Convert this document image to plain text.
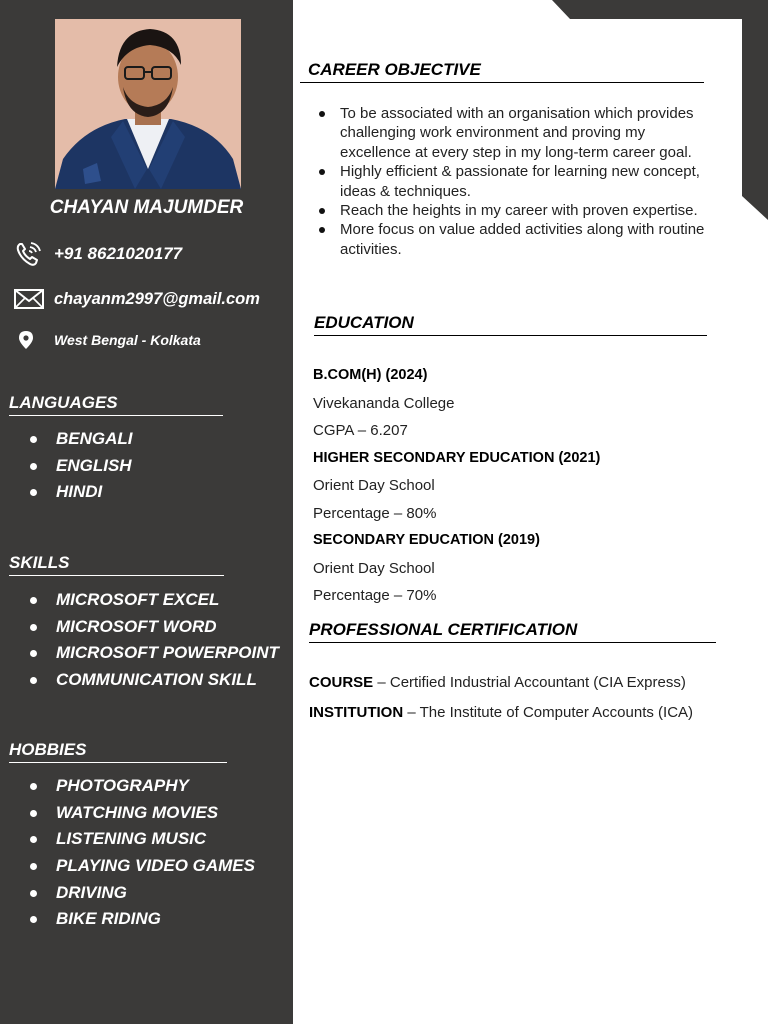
CHAYAN MAJUMDER
+91 8621020177
chayanm2997@gmail.com
West Bengal - Kolkata
LANGUAGES
BENGALI
ENGLISH
HINDI
SKILLS
MICROSOFT EXCEL
MICROSOFT WORD
MICROSOFT POWERPOINT
COMMUNICATION SKILL
HOBBIES
PHOTOGRAPHY
WATCHING MOVIES
LISTENING MUSIC
PLAYING VIDEO GAMES
DRIVING
BIKE RIDING
CAREER OBJECTIVE
To be associated with an organisation which provides challenging work environment and proving my excellence at every step in my long-term career goal.
Highly efficient & passionate for learning new concept, ideas & techniques.
Reach the heights in my career with proven expertise.
More focus on value added activities along with routine activities.
EDUCATION
B.COM(H) (2024)
Vivekananda College
CGPA – 6.207
HIGHER SECONDARY EDUCATION (2021)
Orient Day School
Percentage – 80%
SECONDARY EDUCATION (2019)
Orient Day School
Percentage – 70%
PROFESSIONAL CERTIFICATION
COURSE – Certified Industrial Accountant (CIA Express)
INSTITUTION – The Institute of Computer Accounts (ICA)
